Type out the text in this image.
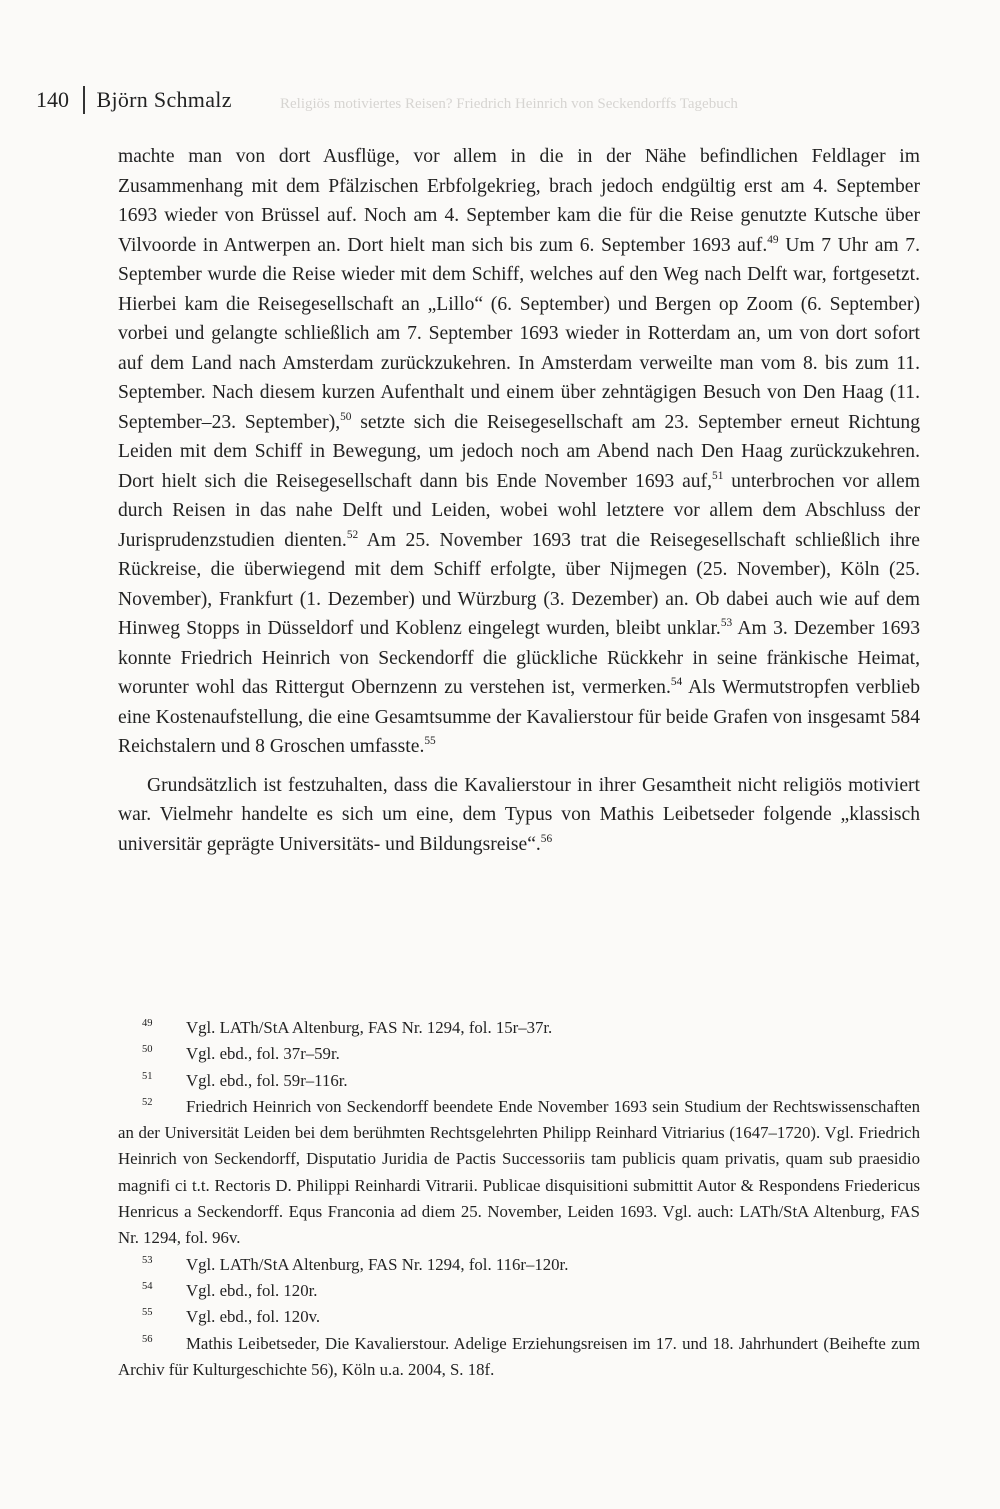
Religiös motiviertes Reisen? Friedrich Heinrich von Seckendorffs Tagebuch
140 Björn Schmalz

machte man von dort Ausflüge, vor allem in die in der Nähe befindlichen Feldlager im Zusammenhang mit dem Pfälzischen Erbfolgekrieg, brach jedoch endgültig erst am 4. September 1693 wieder von Brüssel auf. Noch am 4. September kam die für die Reise genutzte Kutsche über Vilvoorde in Antwerpen an. Dort hielt man sich bis zum 6. September 1693 auf.$^{49}$ Um 7 Uhr am 7. September wurde die Reise wieder mit dem Schiff, welches auf den Weg nach Delft war, fortgesetzt. Hierbei kam die Reisegesellschaft an „Lillo“ (6. September) und Bergen op Zoom (6. September) vorbei und gelangte schließlich am 7. September 1693 wieder in Rotterdam an, um von dort sofort auf dem Land nach Amsterdam zurückzukehren. In Amsterdam verweilte man vom 8. bis zum 11. September. Nach diesem kurzen Aufenthalt und einem über zehntägigen Besuch von Den Haag (11. September–23. September),$^{50}$ setzte sich die Reisegesellschaft am 23. September erneut Richtung Leiden mit dem Schiff in Bewegung, um jedoch noch am Abend nach Den Haag zurückzukehren. Dort hielt sich die Reisegesellschaft dann bis Ende November 1693 auf,$^{51}$ unterbrochen vor allem durch Reisen in das nahe Delft und Leiden, wobei wohl letztere vor allem dem Abschluss der Jurisprudenzstudien dienten.$^{52}$ Am 25. November 1693 trat die Reisegesellschaft schließlich ihre Rückreise, die überwiegend mit dem Schiff erfolgte, über Nijmegen (25. November), Köln (25. November), Frankfurt (1. Dezember) und Würzburg (3. Dezember) an. Ob dabei auch wie auf dem Hinweg Stopps in Düsseldorf und Koblenz eingelegt wurden, bleibt unklar.$^{53}$ Am 3. Dezember 1693 konnte Friedrich Heinrich von Seckendorff die glückliche Rückkehr in seine fränkische Heimat, worunter wohl das Rittergut Obernzenn zu verstehen ist, vermerken.$^{54}$ Als Wermutstropfen verblieb eine Kostenaufstellung, die eine Gesamtsumme der Kavalierstour für beide Grafen von insgesamt 584 Reichstalern und 8 Groschen umfasste.$^{55}$

Grundsätzlich ist festzuhalten, dass die Kavalierstour in ihrer Gesamtheit nicht religiös motiviert war. Vielmehr handelte es sich um eine, dem Typus von Mathis Leibetseder folgende „klassisch universitär geprägte Universitäts- und Bildungsreise“.$^{56}$

49 Vgl. LATh/StA Altenburg, FAS Nr. 1294, fol. 15r–37r.

50 Vgl. ebd., fol. 37r–59r.

51 Vgl. ebd., fol. 59r–116r.

52 Friedrich Heinrich von Seckendorff beendete Ende November 1693 sein Studium der Rechtswissenschaften an der Universität Leiden bei dem berühmten Rechtsgelehrten Philipp Reinhard Vitriarius (1647–1720). Vgl. Friedrich Heinrich von Seckendorff, Disputatio Juridia de Pactis Successoriis tam publicis quam privatis, quam sub praesidio magnifi ci t.t. Rectoris D. Philippi Reinhardi Vitrarii. Publicae disquisitioni submittit Autor & Respondens Friedericus Henricus a Seckendorff. Equs Franconia ad diem 25. November, Leiden 1693. Vgl. auch: LATh/StA Altenburg, FAS Nr. 1294, fol. 96v.

53 Vgl. LATh/StA Altenburg, FAS Nr. 1294, fol. 116r–120r.

54 Vgl. ebd., fol. 120r.

55 Vgl. ebd., fol. 120v.

56 Mathis Leibetseder, Die Kavalierstour. Adelige Erziehungsreisen im 17. und 18. Jahrhundert (Beihefte zum Archiv für Kulturgeschichte 56), Köln u.a. 2004, S. 18f.
